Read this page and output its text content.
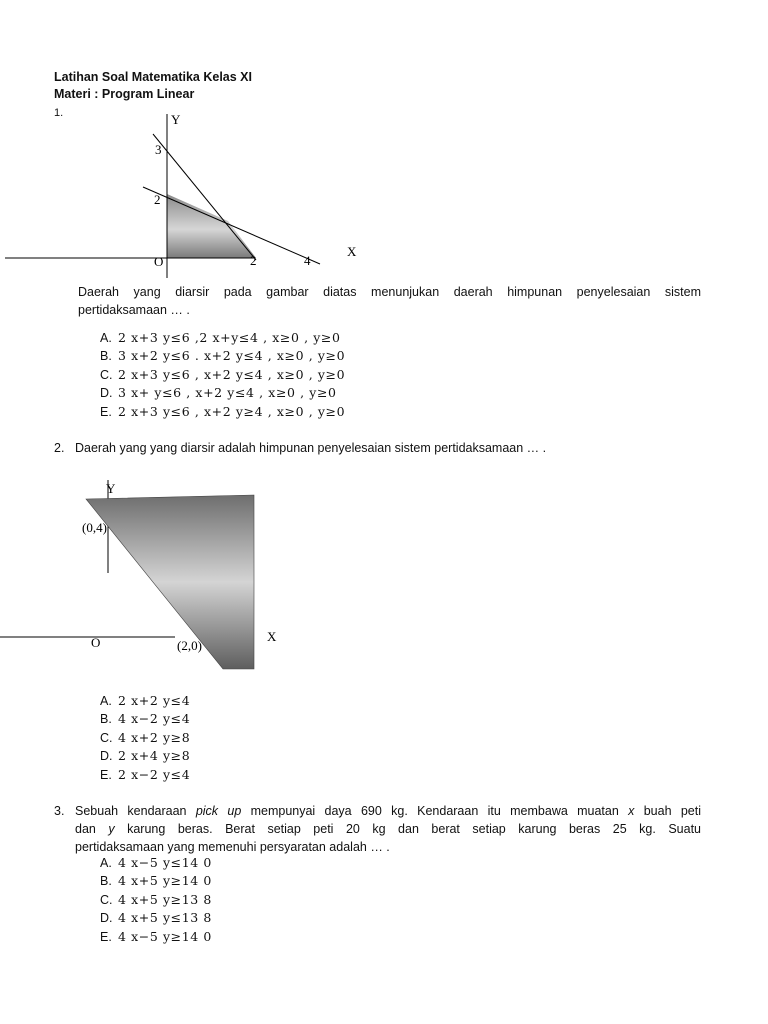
Latihan Soal Matematika Kelas XI
Materi : Program Linear
1.	Y
X
O
3
2
2	4
Daerah yang diarsir pada gambar diatas menunjukan daerah himpunan penyelesaian sistem
pertidaksamaan … .
A. 2 x+3 y≤6 ,2 x+y≤4 , x≥0 , y≥0
B. 3 x+2 y≤6 . x+2 y≤4 , x≥0 , y≥0
C. 2 x+3 y≤6 , x+2 y≤4 , x≥0 , y≥0
D. 3 x+ y≤6 , x+2 y≤4 , x≥0 , y≥0
E. 2 x+3 y≤6 , x+2 y≥4 , x≥0 , y≥0
2. Daerah yang yang diarsir adalah himpunan penyelesaian sistem pertidaksamaan … .
Y
(0,4)
O	(2,0)
X
A. 2 x+2 y≤4
B. 4 x−2 y≤4
C. 4 x+2 y≥8
D. 2 x+4 y≥8
E. 2 x−2 y≤4
3. Sebuah kendaraan pick up mempunyai daya 690 kg. Kendaraan itu membawa muatan x buah peti
dan y karung beras. Berat setiap peti 20 kg dan berat setiap karung beras 25 kg. Suatu
pertidaksamaan yang memenuhi persyaratan adalah … .
A. 4 x−5 y≤14 0
B. 4 x+5 y≥14 0
C. 4 x+5 y≥13 8
D. 4 x+5 y≤13 8
E. 4 x−5 y≥14 0
